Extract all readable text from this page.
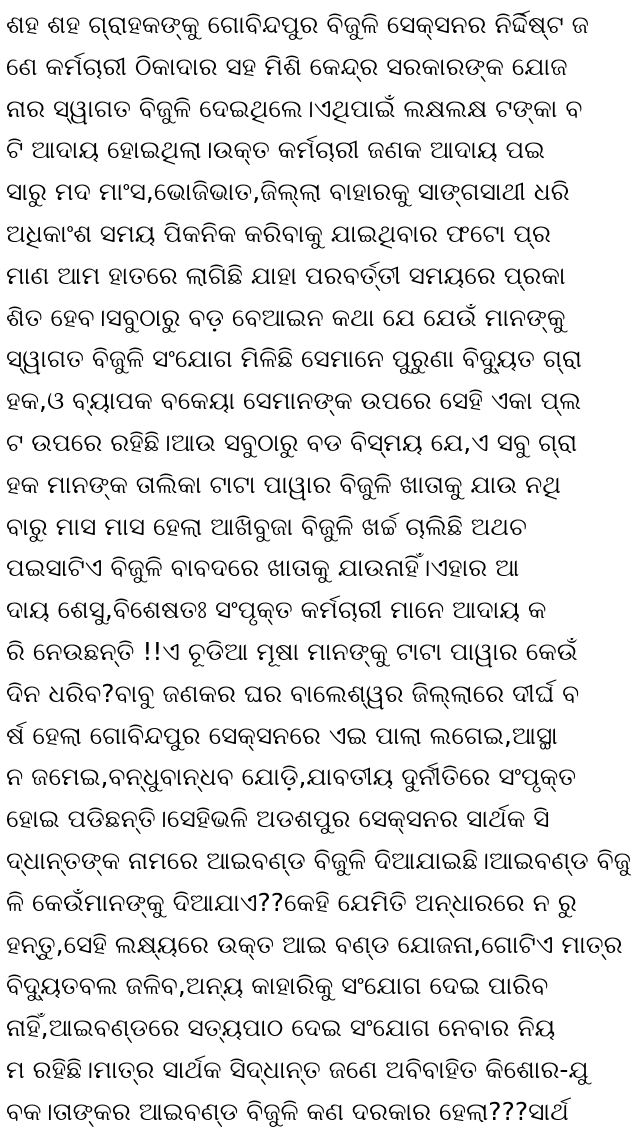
ଶହ ଶହ ଗ୍ରାହକଙ୍କୁ ଗୋବିନ୍ଦପୁର ବିଜୁଳି ସେକ୍ସନର ନିର୍ଦ୍ଦିଷ୍ଟ ଜ
ଣେ କର୍ମଚାରୀ ଠିକାଦାର ସହ ମିଶି କେନ୍ଦ୍ର ସରକାରଙ୍କ ଯୋଜ
ନାର ସ୍ୱାଗତ ବିଜୁଳି ଦେଇଥିଲେ।ଏଥିପାଇଁ ଲକ୍ଷଲକ୍ଷ ଟଙ୍କା ବ
ଟି ଆଦାୟ ହୋଇଥିଲା।ଉକ୍ତ କର୍ମଚାରୀ ଜଣକ ଆଦାୟ ପଇ
ସାରୁ ମଦ ମାଂସ,ଭୋଜିଭାତ,ଜିଲ୍ଲା ବାହାରକୁ ସାଙ୍ଗସାଥୀ ଧରି
ଅଧିକାଂଶ ସମୟ ପିକନିକ କରିବାକୁ ଯାଇଥିବାର ଫଟୋ ପ୍ର
ମାଣ ଆମ ହାତରେ ଲାଗିଛି ଯାହା ପରବର୍ତ୍ତୀ ସମୟରେ ପ୍ରକା
ଶିତ ହେବ।ସବୁଠାରୁ ବଡ଼ ବେଆଇନ କଥା ଯେ ଯେଉଁ ମାନଙ୍କୁ
ସ୍ୱାଗତ ବିଜୁଳି ସଂଯୋଗ ମିଳିଛି ସେମାନେ ପୁରୁଣା ବିଦ୍ୟୁତ ଗ୍ରା
ହକ,ଓ ବ୍ୟାପକ ବକେୟା ସେମାନଙ୍କ ଉପରେ ସେହି ଏକା ପ୍ଲ
ଟ ଉପରେ ରହିଛି।ଆଉ ସବୁଠାରୁ ବଡ ବିସ୍ମୟ ଯେ,ଏ ସବୁ ଗ୍ରା
ହକ ମାନଙ୍କ ତାଲିକା ଟାଟା ପାୱାର ବିଜୁଳି ଖାତାକୁ ଯାଉ ନଥି
ବାରୁ ମାସ ମାସ ହେଲା ଆଖିବୁଜା ବିଜୁଳି ଖର୍ଚ୍ଚ ଚାଲିଛି ଅଥଚ
ପଇସାଟିଏ ବିଜୁଳି ବାବଦରେ ଖାତାକୁ ଯାଉନାହିଁ।ଏହାର ଆ
ଦାୟ ଶେସୁ,ବିଶେଷତଃ ସଂପୃକ୍ତ କର୍ମଚାରୀ ମାନେ ଆଦାୟ କ
ରି ନେଉଛନ୍ତି !!ଏ ଚୂଡିଆ ମୂଷା ମାନଙ୍କୁ ଟାଟା ପାୱାର କେଉଁ
ଦିନ ଧରିବ?ବାବୁ ଜଣକର ଘର ବାଲେଶ୍ୱର ଜିଲ୍ଲାରେ ଦୀର୍ଘ ବ
ର୍ଷ ହେଲା ଗୋବିନ୍ଦପୁର ସେକ୍ସନରେ ଏଇ ପାଲା ଲଗେଇ,ଆସ୍ଥା
ନ ଜମେଇ,ବନ୍ଧୁବାନ୍ଧବ ଯୋଡ଼ି,ଯାବତୀୟ ଦୁର୍ନୀତିରେ ସଂପୃକ୍ତ
ହୋଇ ପଡିଛନ୍ତି।ସେହିଭଳି ଅଡଶପୁର ସେକ୍ସନର ସାର୍ଥକ ସି
ଦ୍ଧାନ୍ତଙ୍କ ନାମରେ ଆଇବଣ୍ଡ ବିଜୁଳି ଦିଆଯାଇଛି।ଆଇବଣ୍ଡ ବିଜୁ
ଳି କେଉଁମାନଙ୍କୁ ଦିଆଯାଏ??କେହି ଯେମିତି ଅନ୍ଧାରରେ ନ ରୁ
ହନ୍ତୁ,ସେହି ଲକ୍ଷ୍ୟରେ ଉକ୍ତ ଆଇ ବଣ୍ଡ ଯୋଜନା,ଗୋଟିଏ ମାତ୍ର
ବିଦ୍ୟୁତବଲ ଜଳିବ,ଅନ୍ୟ କାହାରିକୁ ସଂଯୋଗ ଦେଇ ପାରିବ
ନାହିଁ,ଆଇବଣ୍ଡରେ ସତ୍ୟପାଠ ଦେଇ ସଂଯୋଗ ନେବାର ନିୟ
ମ ରହିଛି।ମାତ୍ର ସାର୍ଥକ ସିଦ୍ଧାନ୍ତ ଜଣେ ଅବିବାହିତ କିଶୋର-ଯୁ
ବକ।ତାଙ୍କର ଆଇବଣ୍ଡ ବିଜୁଳି କଣ ଦରକାର ହେଲା???ସାର୍ଥ
